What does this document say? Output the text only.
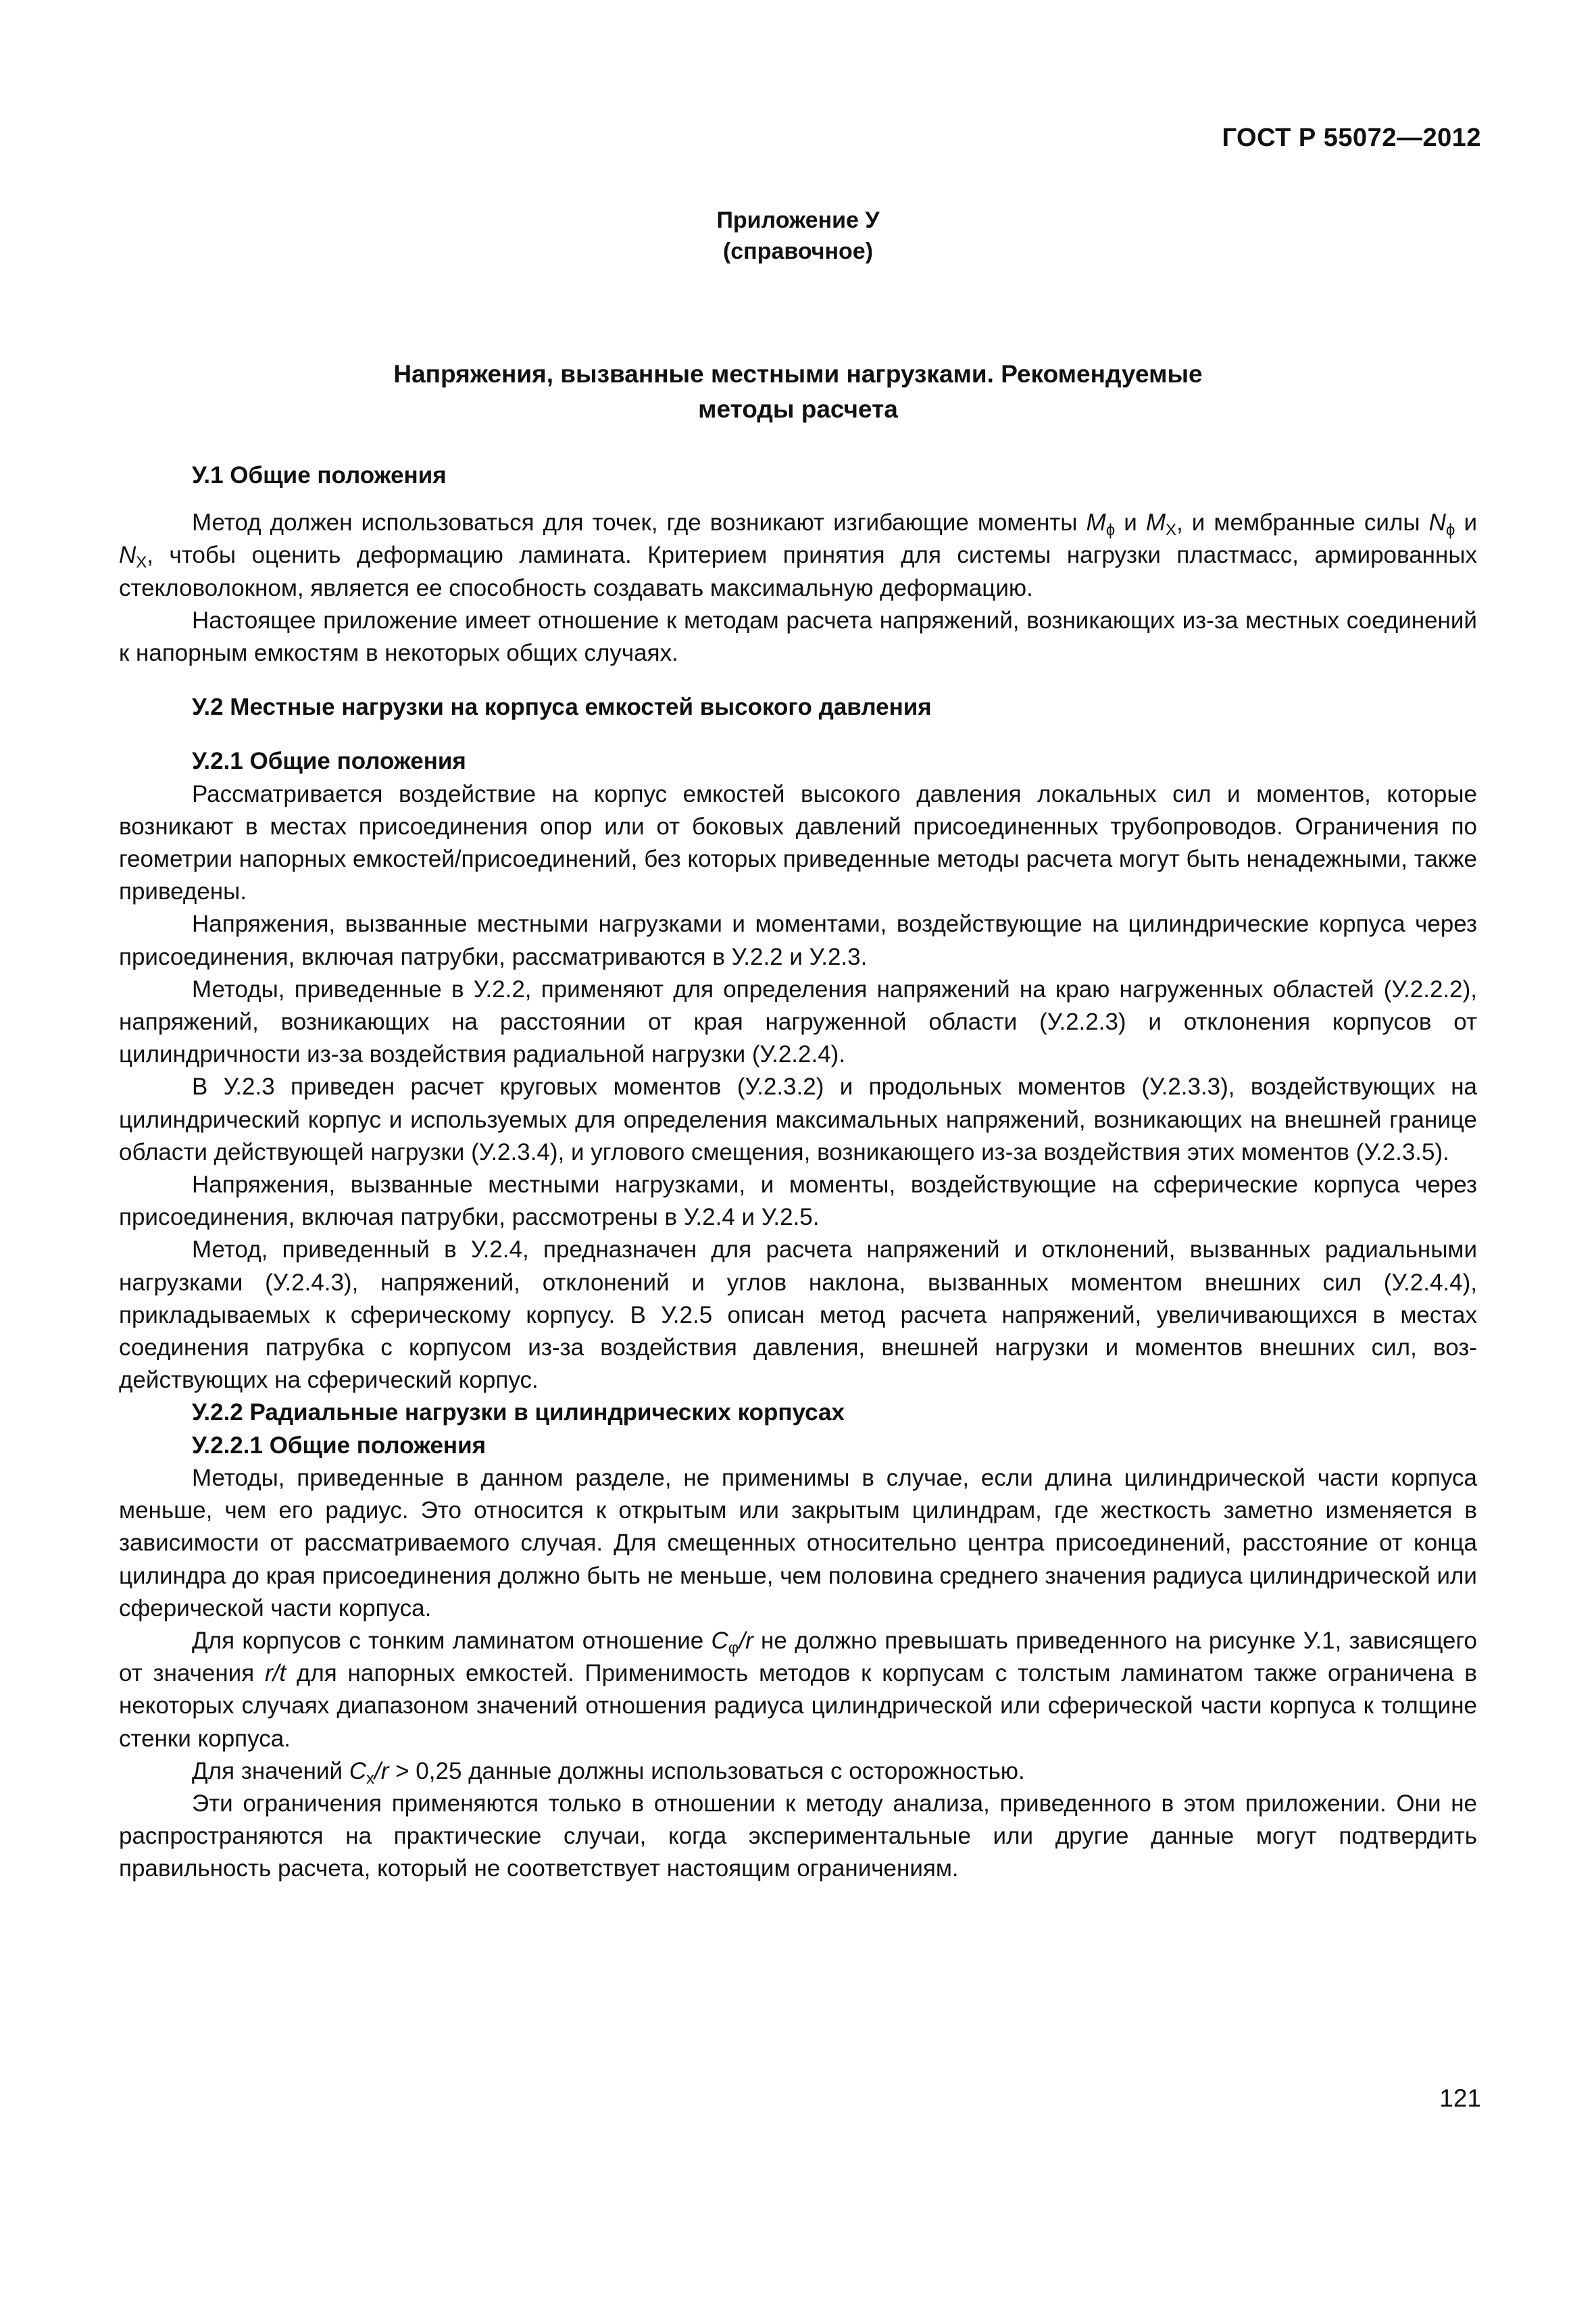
ГОСТ Р 55072—2012
Приложение У
(справочное)
Напряжения, вызванные местными нагрузками. Рекомендуемые
методы расчета
У.1 Общие положения

Метод должен использоваться для точек, где возникают изгибающие моменты $M_\phi$ и $M_X$, и мембранные силы $N_\phi$ и $N_X$, чтобы оценить деформацию ламината. Критерием принятия для системы нагрузки пластмасс, армированных стекловолокном, является ее способность создавать максимальную деформацию.

Настоящее приложение имеет отношение к методам расчета напряжений, возникающих из-за местных соединений к напорным емкостям в некоторых общих случаях.

У.2 Местные нагрузки на корпуса емкостей высокого давления
У.2.1 Общие положения

Рассматривается воздействие на корпус емкостей высокого давления локальных сил и моментов, которые возникают в местах присоединения опор или от боковых давлений присоединенных трубопроводов. Ограничения по геометрии напорных емкостей/присоединений, без которых приведенные методы расчета могут быть ненадежными, также приведены.

Напряжения, вызванные местными нагрузками и моментами, воздействующие на цилиндрические корпуса через присоединения, включая патрубки, рассматриваются в У.2.2 и У.2.3.

Методы, приведенные в У.2.2, применяют для определения напряжений на краю нагруженных областей (У.2.2.2), напряжений, возникающих на расстоянии от края нагруженной области (У.2.2.3) и отклонения корпусов от цилиндричности из-за воздействия радиальной нагрузки (У.2.2.4).

В У.2.3 приведен расчет круговых моментов (У.2.3.2) и продольных моментов (У.2.3.3), воздействующих на цилиндрический корпус и используемых для определения максимальных напряжений, возникающих на внешней границе области действующей нагрузки (У.2.3.4), и углового смещения, возникающего из-за воздействия этих моментов (У.2.3.5).

Напряжения, вызванные местными нагрузками, и моменты, воздействующие на сферические корпуса через присоединения, включая патрубки, рассмотрены в У.2.4 и У.2.5.

Метод, приведенный в У.2.4, предназначен для расчета напряжений и отклонений, вызванных радиальными нагрузками (У.2.4.3), напряжений, отклонений и углов наклона, вызванных моментом внешних сил (У.2.4.4), прикладываемых к сферическому корпусу. В У.2.5 описан метод расчета напряжений, увеличивающихся в местах соединения патрубка с корпусом из-за воздействия давления, внешней нагрузки и моментов внешних сил, воздействующих на сферический корпус.

У.2.2 Радиальные нагрузки в цилиндрических корпусах
У.2.2.1 Общие положения

Методы, приведенные в данном разделе, не применимы в случае, если длина цилиндрической части корпуса меньше, чем его радиус. Это относится к открытым или закрытым цилиндрам, где жесткость заметно изменяется в зависимости от рассматриваемого случая. Для смещенных относительно центра присоединений, расстояние от конца цилиндра до края присоединения должно быть не меньше, чем половина среднего значения радиуса цилиндрической или сферической части корпуса.

Для корпусов с тонким ламинатом отношение $C_\varphi/r$ не должно превышать приведенного на рисунке У.1, зависящего от значения r/t для напорных емкостей. Применимость методов к корпусам с толстым ламинатом также ограничена в некоторых случаях диапазоном значений отношения радиуса цилиндрической или сферической части корпуса к толщине стенки корпуса.

Для значений $C_x/r > 0,25$ данные должны использоваться с осторожностью.

Эти ограничения применяются только в отношении к методу анализа, приведенного в этом приложении. Они не распространяются на практические случаи, когда экспериментальные или другие данные могут подтвердить правильность расчета, который не соответствует настоящим ограничениям.

121
